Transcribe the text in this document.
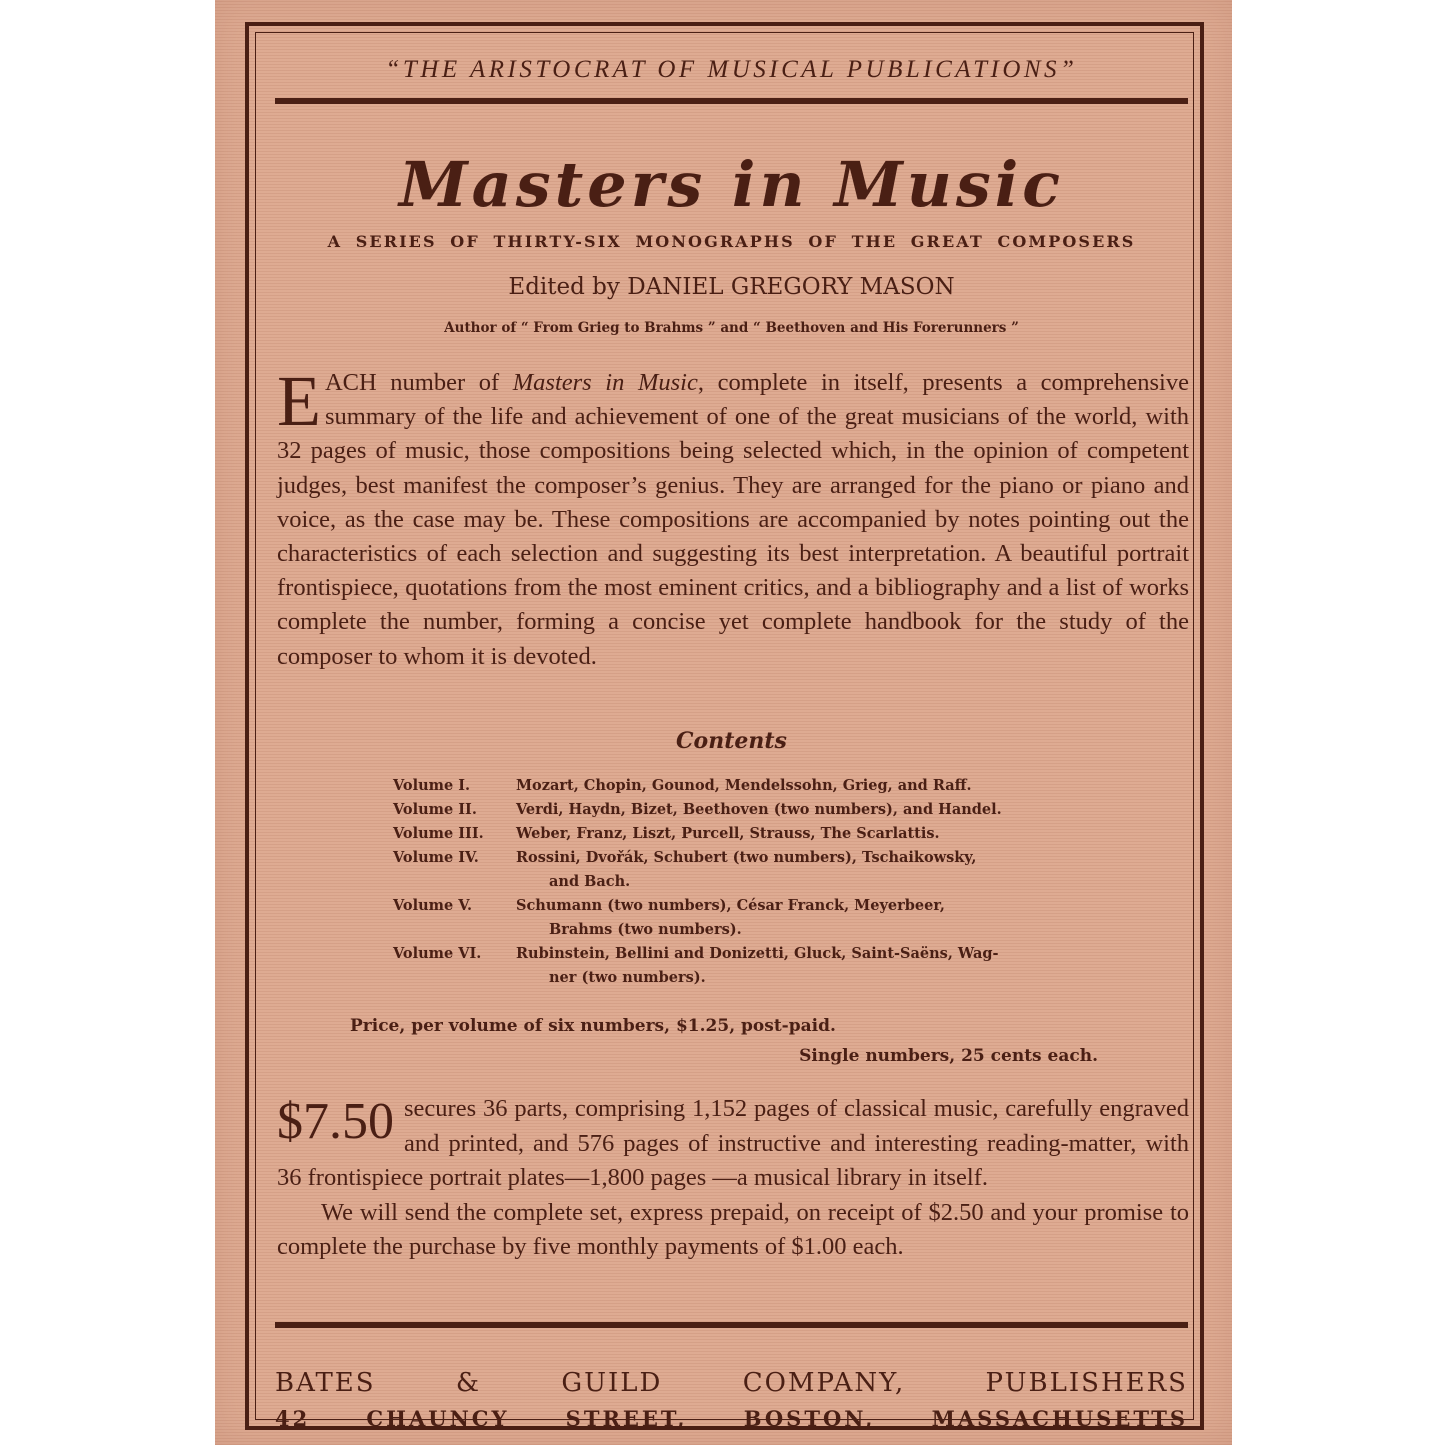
“THE ARISTOCRAT OF MUSICAL PUBLICATIONS”
Masters in Music
A SERIES OF THIRTY-SIX MONOGRAPHS OF THE GREAT COMPOSERS
Edited by DANIEL GREGORY MASON
Author of “ From Grieg to Brahms ” and “ Beethoven and His Forerunners ”
EACH number of Masters in Music, complete in itself, presents a comprehensive summary of the life and achievement of one of the great musicians of the world, with 32 pages of music, those compositions being selected which, in the opinion of competent judges, best manifest the composer’s genius. They are arranged for the piano or piano and voice, as the case may be. These compositions are accompanied by notes pointing out the characteristics of each selection and suggesting its best interpretation. A beautiful portrait frontispiece, quotations from the most eminent critics, and a bibliography and a list of works complete the number, forming a concise yet complete handbook for the study of the composer to whom it is devoted.
Contents
Volume I.	Mozart, Chopin, Gounod, Mendelssohn, Grieg, and Raff.
Volume II.	Verdi, Haydn, Bizet, Beethoven (two numbers), and Handel.
Volume III.	Weber, Franz, Liszt, Purcell, Strauss, The Scarlattis.
Volume IV.	Rossini, Dvořák, Schubert (two numbers), Tschaikowsky,
and Bach.
Volume V.	Schumann (two numbers), César Franck, Meyerbeer,
Brahms (two numbers).
Volume VI.	Rubinstein, Bellini and Donizetti, Gluck, Saint-Saëns, Wag-
ner (two numbers).
Price, per volume of six numbers, $1.25, post-paid.
Single numbers, 25 cents each.

$7.50 secures 36 parts, comprising 1,152 pages of classical music, carefully engraved and printed, and 576 pages of instructive and interesting reading-matter, with 36 frontispiece portrait plates—1,800 pages —a musical library in itself.

We will send the complete set, express prepaid, on receipt of $2.50 and your promise to complete the purchase by five monthly payments of $1.00 each.

BATES & GUILD COMPANY, PUBLISHERS
42 CHAUNCY STREET, BOSTON, MASSACHUSETTS
